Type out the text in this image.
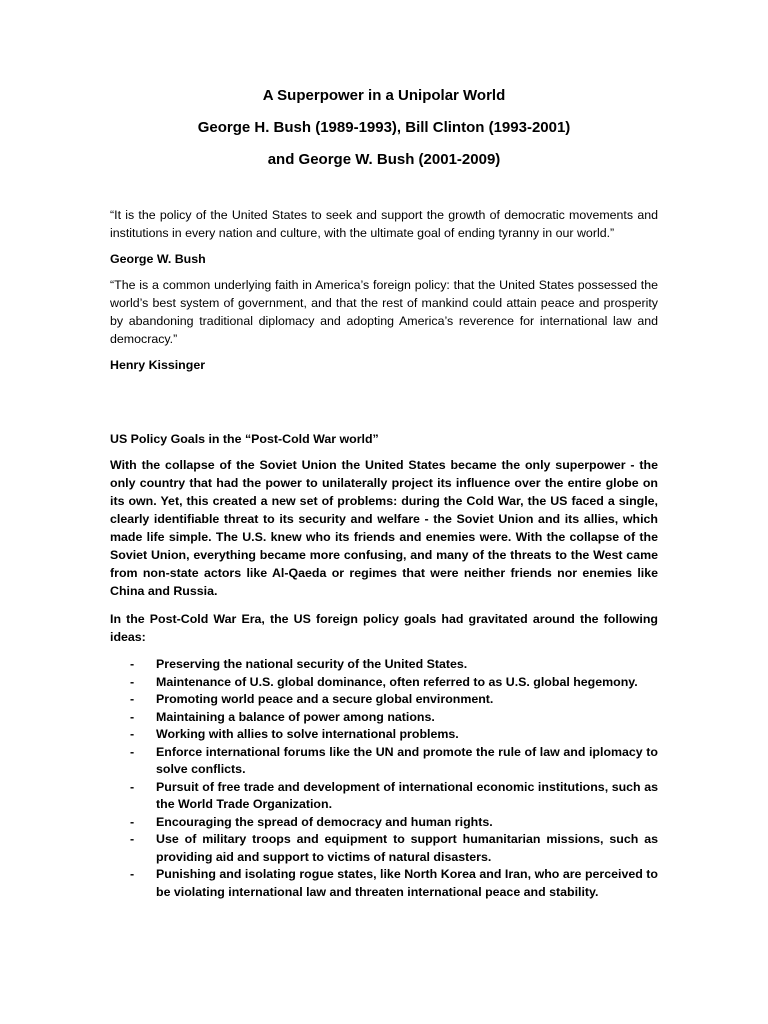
A Superpower in a Unipolar World
George H. Bush (1989-1993), Bill Clinton (1993-2001)
and George W. Bush (2001-2009)

“It is the policy of the United States to seek and support the growth of democratic movements and institutions in every nation and culture, with the ultimate goal of ending tyranny in our world.”

George W. Bush

“The is a common underlying faith in America’s foreign policy: that the United States possessed the world’s best system of government, and that the rest of mankind could attain peace and prosperity by abandoning traditional diplomacy and adopting America’s reverence for international law and democracy.”

Henry Kissinger
US Policy Goals in the “Post-Cold War world”

With the collapse of the Soviet Union the United States became the only superpower - the only country that had the power to unilaterally project its influence over the entire globe on its own. Yet, this created a new set of problems: during the Cold War, the US faced a single, clearly identifiable threat to its security and welfare - the Soviet Union and its allies, which made life simple. The U.S. knew who its friends and enemies were. With the collapse of the Soviet Union, everything became more confusing, and many of the threats to the West came from non-state actors like Al-Qaeda or regimes that were neither friends nor enemies like China and Russia.

In the Post-Cold War Era, the US foreign policy goals had gravitated around the following ideas:

- Preserving the national security of the United States.
- Maintenance of U.S. global dominance, often referred to as U.S. global hegemony.
- Promoting world peace and a secure global environment.
- Maintaining a balance of power among nations.
- Working with allies to solve international problems.
- Enforce international forums like the UN and promote the rule of law and iplomacy to solve conflicts.
- Pursuit of free trade and development of international economic institutions, such as the World Trade Organization.
- Encouraging the spread of democracy and human rights.
- Use of military troops and equipment to support humanitarian missions, such as providing aid and support to victims of natural disasters.
- Punishing and isolating rogue states, like North Korea and Iran, who are perceived to be violating international law and threaten international peace and stability.
